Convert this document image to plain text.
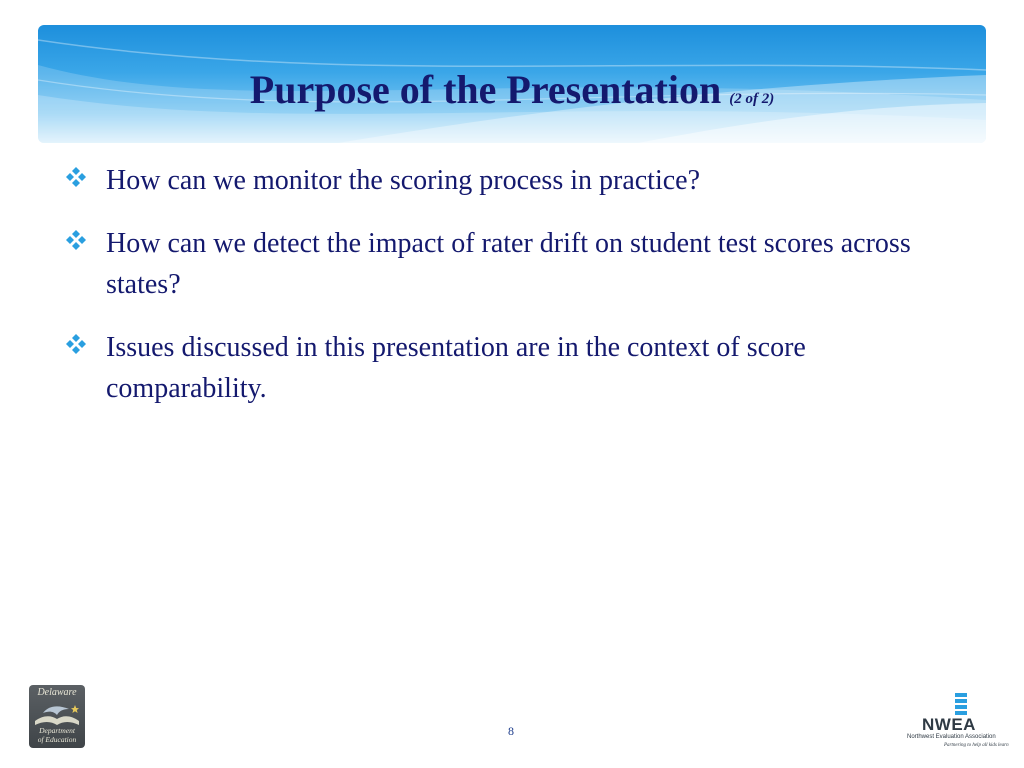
Purpose of the Presentation (2 of 2)
How can we monitor the scoring process in practice?
How can we detect the impact of rater drift on student test scores across states?
Issues discussed in this presentation are in the context of score comparability.
Delaware
Department
of Education
8	NWEA
Northwest Evaluation Association
Partnering to help all kids learn
